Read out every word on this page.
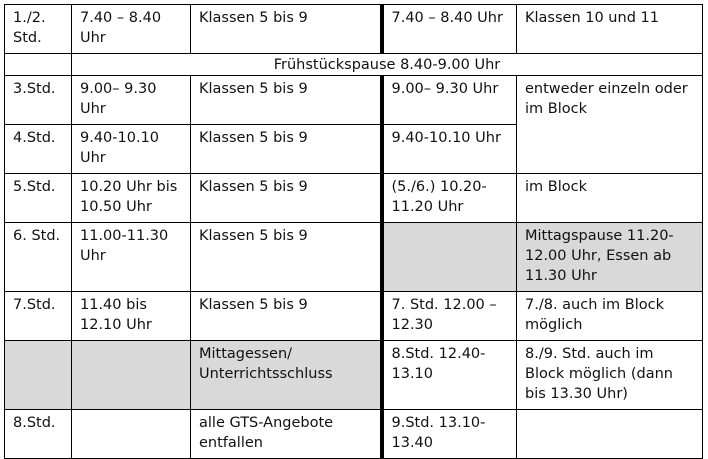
1./2. Std.	7.40 – 8.40 Uhr	Klassen 5 bis 9	7.40 – 8.40 Uhr	Klassen 10 und 11
	Frühstückspause 8.40-9.00 Uhr			
3.Std.	9.00– 9.30 Uhr	Klassen 5 bis 9	9.00– 9.30 Uhr	entweder einzeln oder im Block
4.Std.	9.40-10.10 Uhr	Klassen 5 bis 9	9.40-10.10 Uhr	
5.Std.	10.20 Uhr bis 10.50 Uhr	Klassen 5 bis 9	(5./6.) 10.20-11.20 Uhr	im Block
6. Std.	11.00-11.30 Uhr	Klassen 5 bis 9		Mittagspause 11.20-12.00 Uhr, Essen ab 11.30 Uhr
7.Std.	11.40 bis 12.10 Uhr	Klassen 5 bis 9	7. Std. 12.00 – 12.30	7./8. auch im Block möglich
		Mittagessen/ Unterrichtsschluss	8.Std. 12.40-13.10	8./9. Std. auch im Block möglich (dann bis 13.30 Uhr)
8.Std.		alle GTS-Angebote entfallen	9.Std. 13.10-13.40	
